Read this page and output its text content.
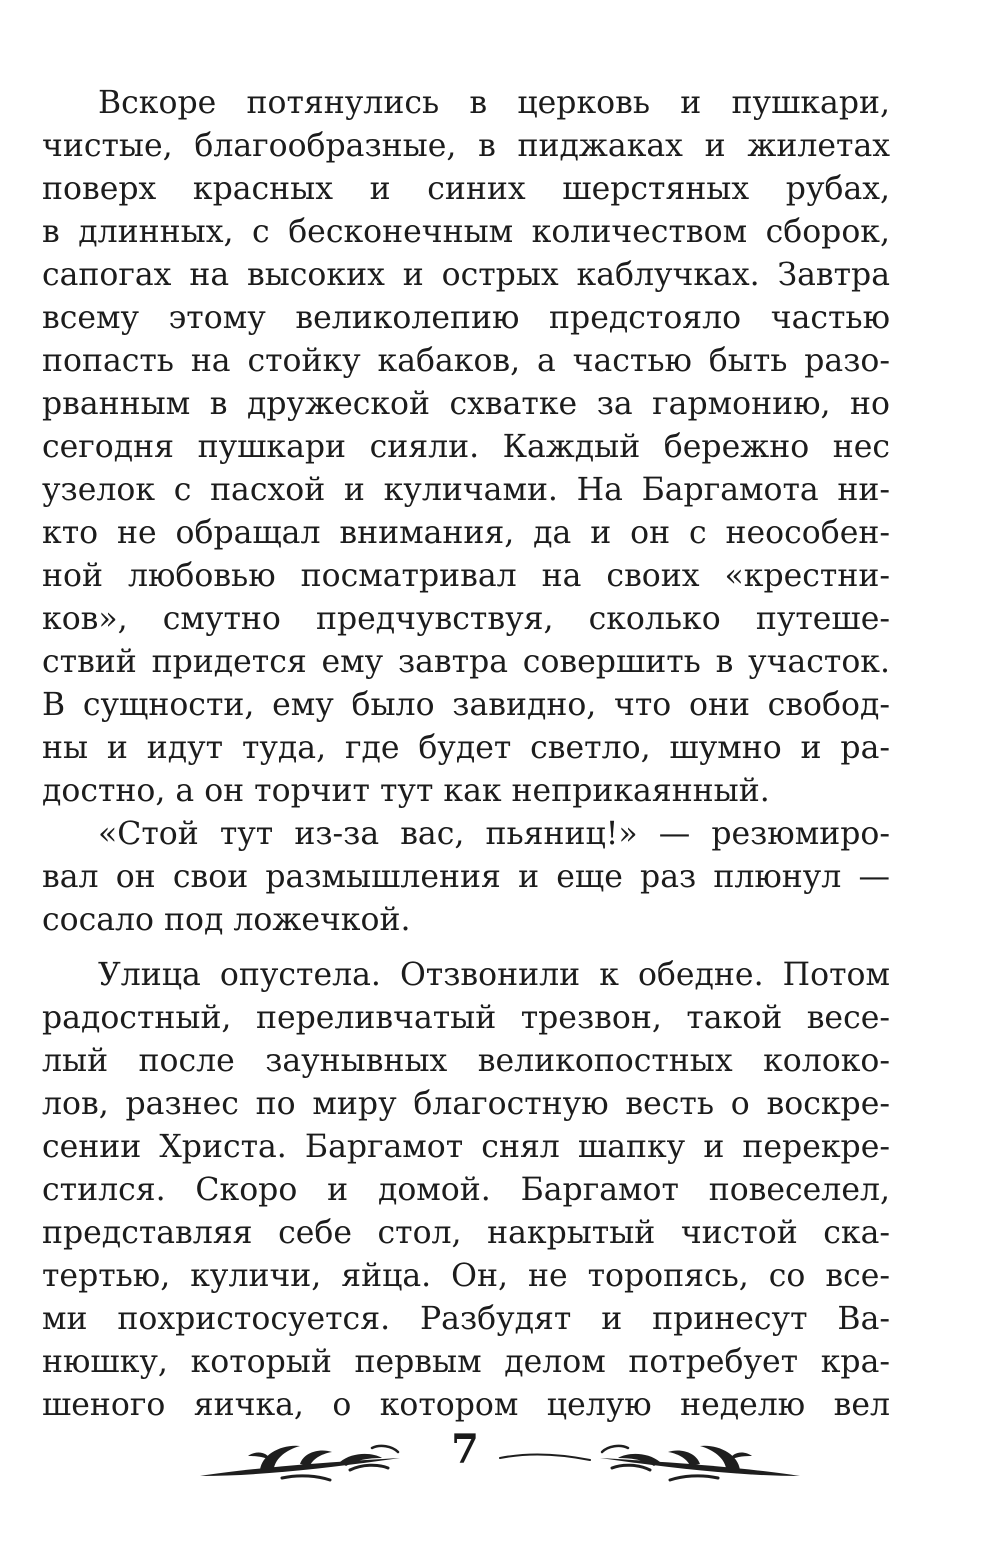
Вскоре потянулись в церковь и пушкари,
чистые, благообразные, в пиджаках и жилетах
поверх красных и синих шерстяных рубах,
в длинных, с бесконечным количеством сборок,
сапогах на высоких и острых каблучках. Завтра
всему этому великолепию предстояло частью
попасть на стойку кабаков, а частью быть разо-
рванным в дружеской схватке за гармонию, но
сегодня пушкари сияли. Каждый бережно нес
узелок с пасхой и куличами. На Баргамота ни-
кто не обращал внимания, да и он с неособен-
ной любовью посматривал на своих «крестни-
ков», смутно предчувствуя, сколько путеше-
ствий придется ему завтра совершить в участок.
В сущности, ему было завидно, что они свобод-
ны и идут туда, где будет светло, шумно и ра-
достно, а он торчит тут как неприкаянный.
«Стой тут из-за вас, пьяниц!» — резюмиро-
вал он свои размышления и еще раз плюнул —
сосало под ложечкой.
Улица опустела. Отзвонили к обедне. Потом
радостный, переливчатый трезвон, такой весе-
лый после заунывных великопостных колоко-
лов, разнес по миру благостную весть о воскре-
сении Христа. Баргамот снял шапку и перекре-
стился. Скоро и домой. Баргамот повеселел,
представляя себе стол, накрытый чистой ска-
тертью, куличи, яйца. Он, не торопясь, со все-
ми похристосуется. Разбудят и принесут Ва-
нюшку, который первым делом потребует кра-
шеного яичка, о котором целую неделю вел
7
